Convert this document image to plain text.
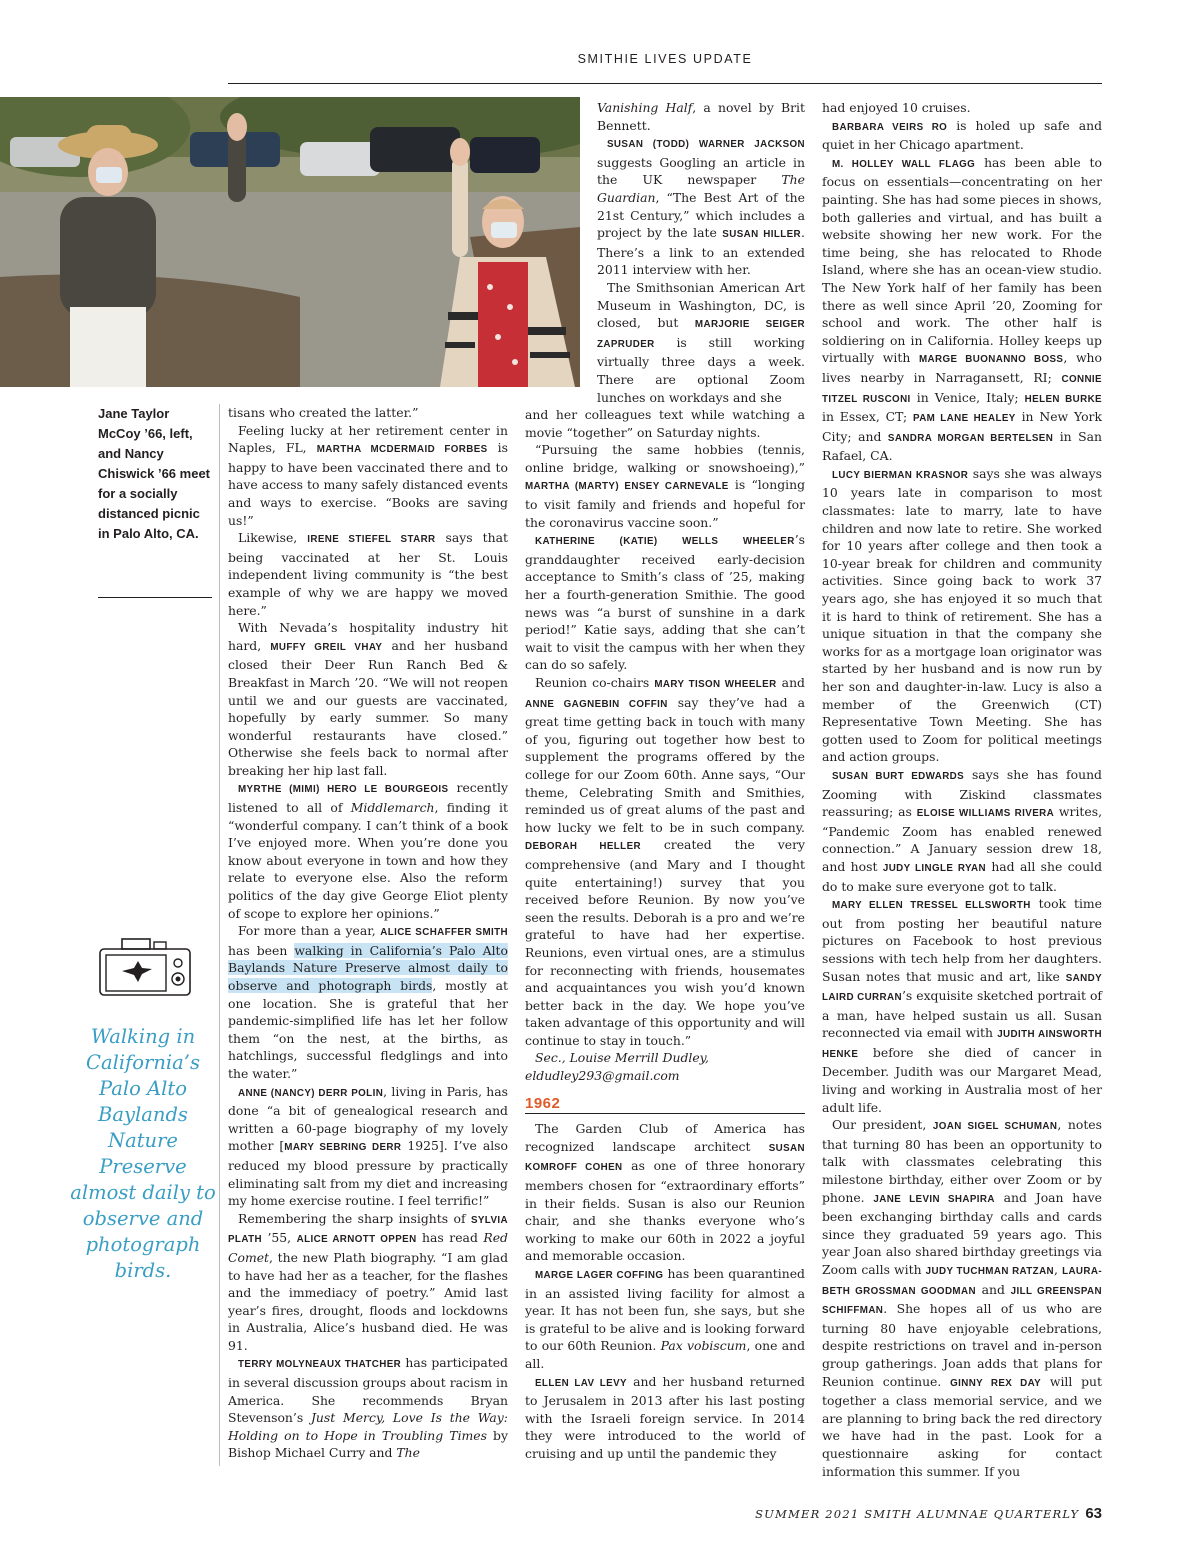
SMITHIE LIVES UPDATE
Jane Taylor McCoy ’66, left, and Nancy Chiswick ’66 meet for a socially distanced picnic in Palo Alto, CA.
Walking in California’s Palo Alto Baylands Nature Preserve almost daily to observe and photograph birds.

tisans who created the latter.”

Feeling lucky at her retirement center in Naples, FL, MARTHA MCDERMAID FORBES is happy to have been vaccinated there and to have access to many safely distanced events and ways to exercise. “Books are saving us!”

Likewise, IRENE STIEFEL STARR says that being vaccinated at her St. Louis independent living community is “the best example of why we are happy we moved here.”

With Nevada’s hospitality industry hit hard, MUFFY GREIL VHAY and her husband closed their Deer Run Ranch Bed & Breakfast in March ’20. “We will not reopen until we and our guests are vaccinated, hopefully by early summer. So many wonderful restaurants have closed.” Otherwise she feels back to normal after breaking her hip last fall.

MYRTHE (MIMI) HERO LE BOURGEOIS recently listened to all of Middlemarch, finding it “wonderful company. I can’t think of a book I’ve enjoyed more. When you’re done you know about everyone in town and how they relate to everyone else. Also the reform politics of the day give George Eliot plenty of scope to explore her opinions.”

For more than a year, ALICE SCHAFFER SMITH has been walking in California’s Palo Alto Baylands Nature Preserve almost daily to observe and photograph birds, mostly at one location. She is grateful that her pandemic-simplified life has let her follow them “on the nest, at the births, as hatchlings, successful fledglings and into the water.”

ANNE (NANCY) DERR POLIN, living in Paris, has done “a bit of genealogical research and written a 60-page biography of my lovely mother [MARY SEBRING DERR 1925]. I’ve also reduced my blood pressure by practically eliminating salt from my diet and increasing my home exercise routine. I feel terrific!”

Remembering the sharp insights of SYLVIA PLATH ’55, ALICE ARNOTT OPPEN has read Red Comet, the new Plath biography. “I am glad to have had her as a teacher, for the flashes and the immediacy of poetry.” Amid last year’s fires, drought, floods and lockdowns in Australia, Alice’s husband died. He was 91.

TERRY MOLYNEAUX THATCHER has participated in several discussion groups about racism in America. She recommends Bryan Stevenson’s Just Mercy, Love Is the Way: Holding on to Hope in Troubling Times by Bishop Michael Curry and The

Vanishing Half, a novel by Brit Bennett.

SUSAN (TODD) WARNER JACKSON suggests Googling an article in the UK newspaper The Guardian, “The Best Art of the 21st Century,” which includes a project by the late SUSAN HILLER. There’s a link to an extended 2011 interview with her.

The Smithsonian American Art Museum in Washington, DC, is closed, but MARJORIE SEIGER ZAPRUDER is still working virtually three days a week. There are optional Zoom lunches on workdays and she

and her colleagues text while watching a movie “together” on Saturday nights.

“Pursuing the same hobbies (tennis, online bridge, walking or snowshoeing),” MARTHA (MARTY) ENSEY CARNEVALE is “longing to visit family and friends and hopeful for the coronavirus vaccine soon.”

KATHERINE (KATIE) WELLS WHEELER’s granddaughter received early-decision acceptance to Smith’s class of ’25, making her a fourth-generation Smithie. The good news was “a burst of sunshine in a dark period!” Katie says, adding that she can’t wait to visit the campus with her when they can do so safely.

Reunion co-chairs MARY TISON WHEELER and ANNE GAGNEBIN COFFIN say they’ve had a great time getting back in touch with many of you, figuring out together how best to supplement the programs offered by the college for our Zoom 60th. Anne says, “Our theme, Celebrating Smith and Smithies, reminded us of great alums of the past and how lucky we felt to be in such company. DEBORAH HELLER created the very comprehensive (and Mary and I thought quite entertaining!) survey that you received before Reunion. By now you’ve seen the results. Deborah is a pro and we’re grateful to have had her expertise. Reunions, even virtual ones, are a stimulus for reconnecting with friends, housemates and acquaintances you wish you’d known better back in the day. We hope you’ve taken advantage of this opportunity and will continue to stay in touch.”

Sec., Louise Merrill Dudley,
eldudley293@gmail.com

1962

The Garden Club of America has recognized landscape architect SUSAN KOMROFF COHEN as one of three honorary members chosen for “extraordinary efforts” in their fields. Susan is also our Reunion chair, and she thanks everyone who’s working to make our 60th in 2022 a joyful and memorable occasion.

MARGE LAGER COFFING has been quarantined in an assisted living facility for almost a year. It has not been fun, she says, but she is grateful to be alive and is looking forward to our 60th Reunion. Pax vobiscum, one and all.

ELLEN LAV LEVY and her husband returned to Jerusalem in 2013 after his last posting with the Israeli foreign service. In 2014 they were introduced to the world of cruising and up until the pandemic they

had enjoyed 10 cruises.

BARBARA VEIRS RO is holed up safe and quiet in her Chicago apartment.

M. HOLLEY WALL FLAGG has been able to focus on essentials—concentrating on her painting. She has had some pieces in shows, both galleries and virtual, and has built a website showing her new work. For the time being, she has relocated to Rhode Island, where she has an ocean-view studio. The New York half of her family has been there as well since April ’20, Zooming for school and work. The other half is soldiering on in California. Holley keeps up virtually with MARGE BUONANNO BOSS, who lives nearby in Narragansett, RI; CONNIE TITZEL RUSCONI in Venice, Italy; HELEN BURKE in Essex, CT; PAM LANE HEALEY in New York City; and SANDRA MORGAN BERTELSEN in San Rafael, CA.

LUCY BIERMAN KRASNOR says she was always 10 years late in comparison to most classmates: late to marry, late to have children and now late to retire. She worked for 10 years after college and then took a 10-year break for children and community activities. Since going back to work 37 years ago, she has enjoyed it so much that it is hard to think of retirement. She has a unique situation in that the company she works for as a mortgage loan originator was started by her husband and is now run by her son and daughter-in-law. Lucy is also a member of the Greenwich (CT) Representative Town Meeting. She has gotten used to Zoom for political meetings and action groups.

SUSAN BURT EDWARDS says she has found Zooming with Ziskind classmates reassuring; as ELOISE WILLIAMS RIVERA writes, “Pandemic Zoom has enabled renewed connection.” A January session drew 18, and host JUDY LINGLE RYAN had all she could do to make sure everyone got to talk.

MARY ELLEN TRESSEL ELLSWORTH took time out from posting her beautiful nature pictures on Facebook to host previous sessions with tech help from her daughters. Susan notes that music and art, like SANDY LAIRD CURRAN’s exquisite sketched portrait of a man, have helped sustain us all. Susan reconnected via email with JUDITH AINSWORTH HENKE before she died of cancer in December. Judith was our Margaret Mead, living and working in Australia most of her adult life.

Our president, JOAN SIGEL SCHUMAN, notes that turning 80 has been an opportunity to talk with classmates celebrating this milestone birthday, either over Zoom or by phone. JANE LEVIN SHAPIRA and Joan have been exchanging birthday calls and cards since they graduated 59 years ago. This year Joan also shared birthday greetings via Zoom calls with JUDY TUCHMAN RATZAN, LAURA-BETH GROSSMAN GOODMAN and JILL GREENSPAN SCHIFFMAN. She hopes all of us who are turning 80 have enjoyable celebrations, despite restrictions on travel and in-person group gatherings. Joan adds that plans for Reunion continue. GINNY REX DAY will put together a class memorial service, and we are planning to bring back the red directory we have had in the past. Look for a questionnaire asking for contact information this summer. If you

SUMMER 2021 SMITH ALUMNAE QUARTERLY 63
